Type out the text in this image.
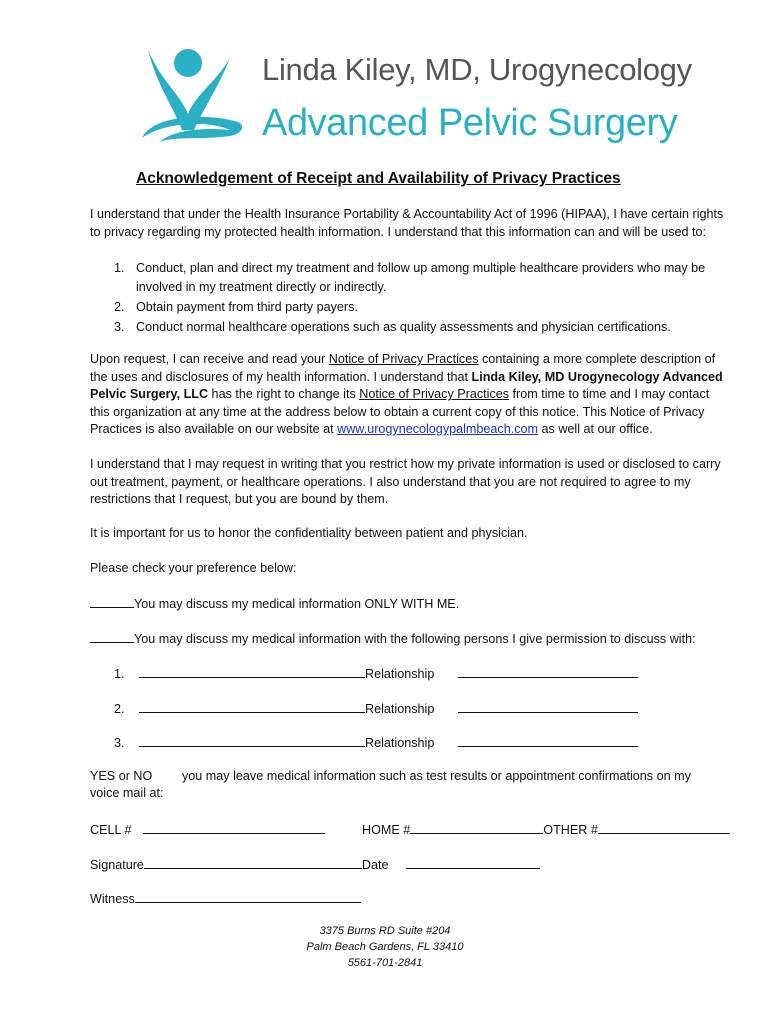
Linda Kiley, MD, Urogynecology
Advanced Pelvic Surgery
Acknowledgement of Receipt and Availability of Privacy Practices
I understand that under the Health Insurance Portability & Accountability Act of 1996 (HIPAA), I have certain rights to privacy regarding my protected health information. I understand that this information can and will be used to:
1. Conduct, plan and direct my treatment and follow up among multiple healthcare providers who may be involved in my treatment directly or indirectly.
2. Obtain payment from third party payers.
3. Conduct normal healthcare operations such as quality assessments and physician certifications.
Upon request, I can receive and read your Notice of Privacy Practices containing a more complete description of the uses and disclosures of my health information. I understand that Linda Kiley, MD Urogynecology Advanced Pelvic Surgery, LLC has the right to change its Notice of Privacy Practices from time to time and I may contact this organization at any time at the address below to obtain a current copy of this notice. This Notice of Privacy Practices is also available on our website at www.urogynecologypalmbeach.com as well at our office.
I understand that I may request in writing that you restrict how my private information is used or disclosed to carry out treatment, payment, or healthcare operations. I also understand that you are not required to agree to my restrictions that I request, but you are bound by them.
It is important for us to honor the confidentiality between patient and physician.
Please check your preference below:
You may discuss my medical information ONLY WITH ME.
You may discuss my medical information with the following persons I give permission to discuss with:
1.	Relationship
2.	Relationship
3.	Relationship
YES or NO you may leave medical information such as test results or appointment confirmations on my
voice mail at:
CELL #	HOME #	OTHER #
Signature	Date
Witness
3375 Burns RD Suite #204
Palm Beach Gardens, FL 33410
5561-701-2841
